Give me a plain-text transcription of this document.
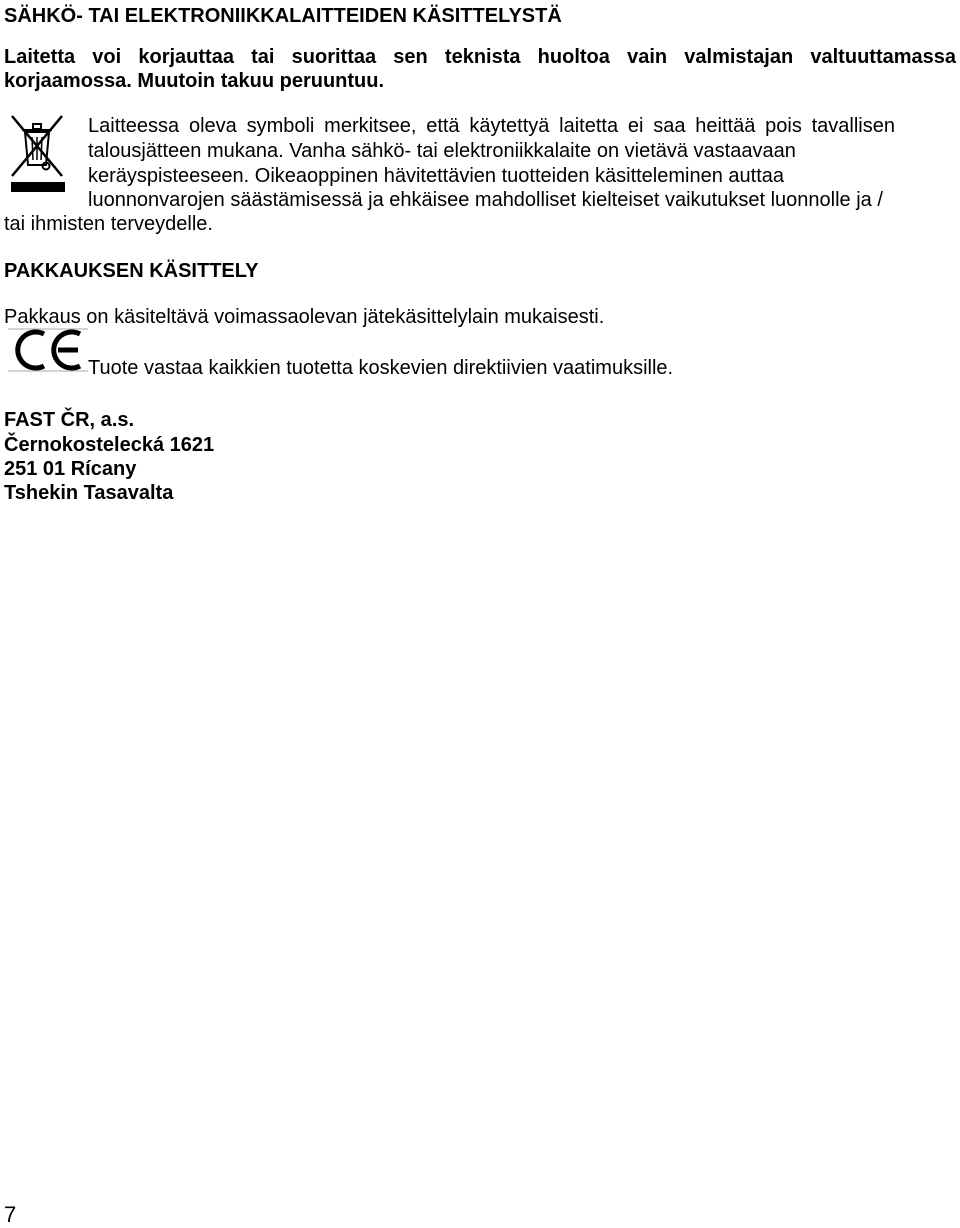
SÄHKÖ- TAI ELEKTRONIIKKALAITTEIDEN KÄSITTELYSTÄ
Laitetta voi korjauttaa tai suorittaa sen teknista huoltoa vain valmistajan valtuuttamassa
korjaamossa. Muutoin takuu peruuntuu.
Laitteessa oleva symboli merkitsee, että käytettyä laitetta ei saa heittää pois tavallisen
talousjätteen mukana. Vanha sähkö- tai elektroniikkalaite on vietävä vastaavaan
keräyspisteeseen. Oikeaoppinen hävitettävien tuotteiden käsitteleminen auttaa
luonnonvarojen säästämisessä ja ehkäisee mahdolliset kielteiset vaikutukset luonnolle ja /
tai ihmisten terveydelle.
PAKKAUKSEN KÄSITTELY
Pakkaus on käsiteltävä voimassaolevan jätekäsittelylain mukaisesti.
Tuote vastaa kaikkien tuotetta koskevien direktiivien vaatimuksille.
FAST ČR, a.s.
Černokostelecká 1621
251 01 Rícany
Tshekin Tasavalta
7
